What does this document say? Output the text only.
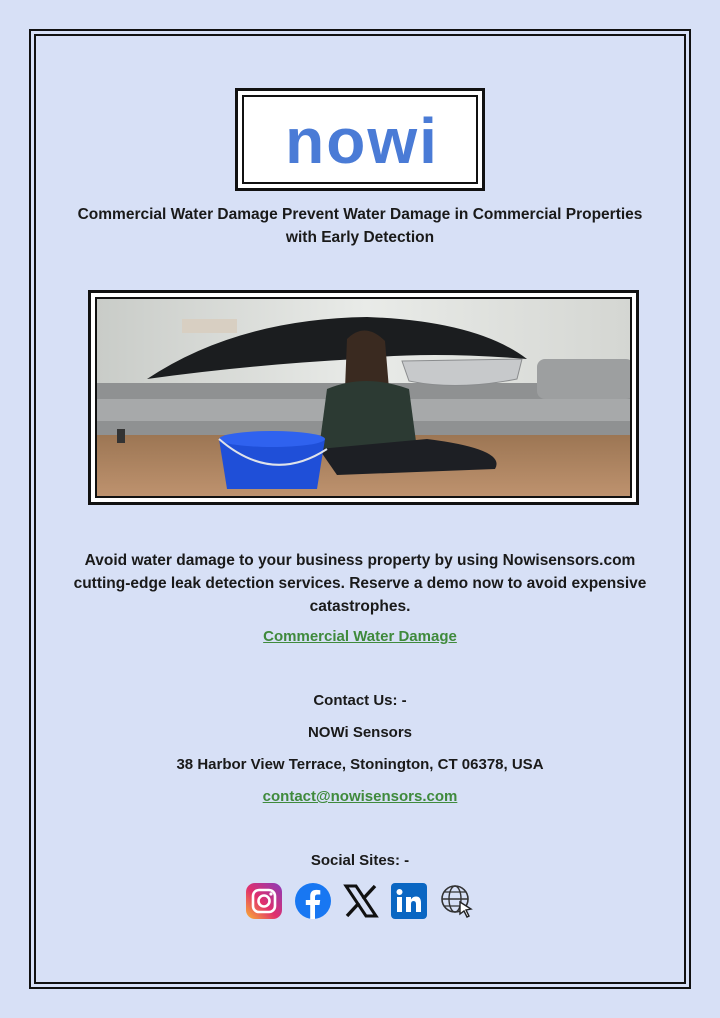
nowi
Commercial Water Damage Prevent Water Damage in Commercial Properties with Early Detection
Avoid water damage to your business property by using Nowisensors.com cutting-edge leak detection services. Reserve a demo now to avoid expensive catastrophes.
Commercial Water Damage
Contact Us: -
NOWi Sensors
38 Harbor View Terrace, Stonington, CT 06378, USA
contact@nowisensors.com
Social Sites: -
